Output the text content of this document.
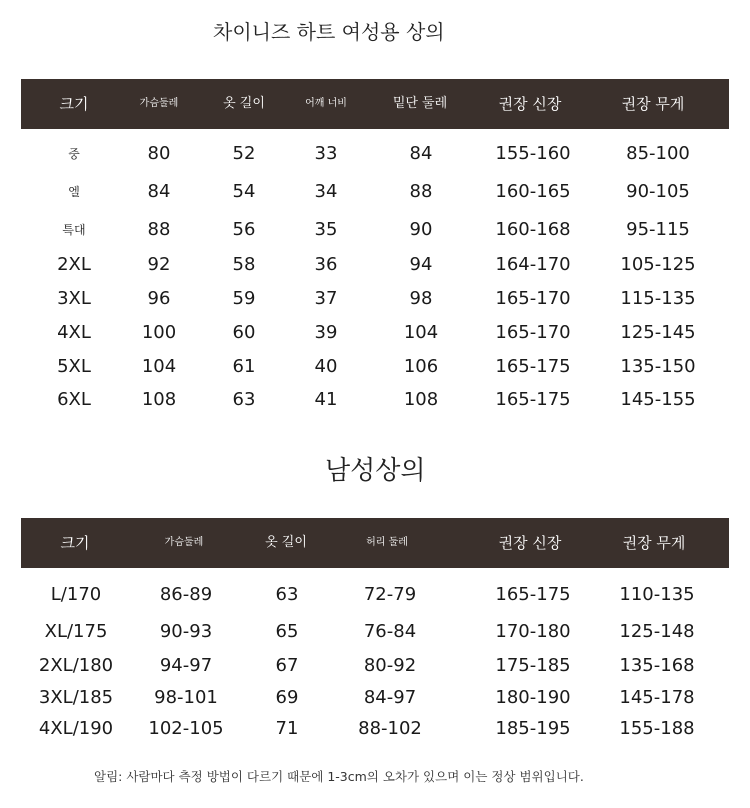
차이니즈 하트 여성용 상의
크기	가슴둘레	옷 길이	어깨 너비	밑단 둘레	권장 신장	권장 무게
중	80	52	33	84	155-160	85-100
엘	84	54	34	88	160-165	90-105
특대	88	56	35	90	160-168	95-115
2XL	92	58	36	94	164-170	105-125
3XL	96	59	37	98	165-170	115-135
4XL	100	60	39	104	165-170	125-145
5XL	104	61	40	106	165-175	135-150
6XL	108	63	41	108	165-175	145-155
남성상의
크기	가슴둘레	옷 길이	허리 둘레	권장 신장	권장 무게
L/170	86-89	63	72-79	165-175	110-135
XL/175	90-93	65	76-84	170-180	125-148
2XL/180	94-97	67	80-92	175-185	135-168
3XL/185 98-101	69	84-97	180-190	145-178
4XL/190 102-105	71	88-102	185-195	155-188
알림: 사람마다 측정 방법이 다르기 때문에 1-3cm의 오차가 있으며 이는 정상 범위입니다.
